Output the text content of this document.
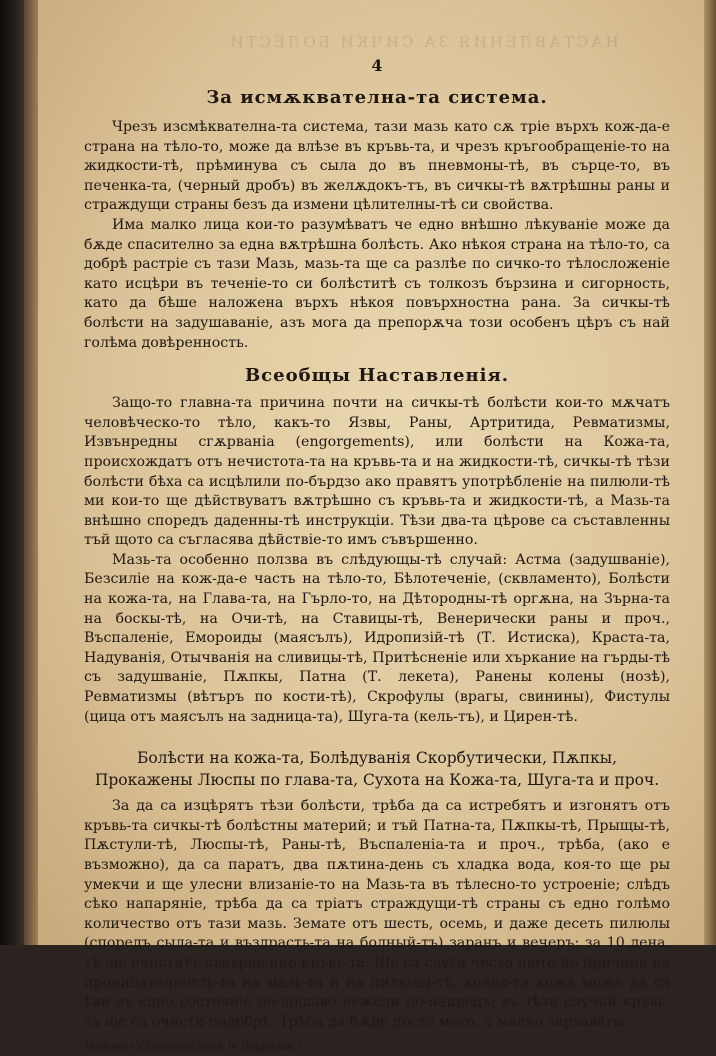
НАСТАВЛЕНИЯ ЗА СИЧКИ БОЛЕСТИ
4
За исмѫкватeлна-та система.

Чрезъ изсмѣквателна-та система, тази мазь като сѫ тріе върхъ кож-да-е страна на тѣло-то, може да влѣзе въ кръвь-та, и чрезъ кръгообращеніе-то на жидкости-тѣ, прѣминува съ сыла до въ пневмоны-тѣ, въ сърце-то, въ печенка-та, (черный дробъ) въ желѫдокъ-тъ, въ сичкы-тѣ вѫтрѣшны раны и страждущи страны безъ да измени цѣлителны-тѣ си свойства.

Има малко лица кои-то разумѣватъ че едно внѣшно лѣкуваніе може да бѫде спасително за една вѫтрѣшна болѣсть. Ако нѣкоя страна на тѣло-то, са добрѣ растріе съ тази Мазь, мазь-та ще са разлѣе по сичко-то тѣлосложеніе като исцѣри въ теченіе-то си болѣститѣ съ толкозъ бързина и сигорность, като да бѣше наложена върхъ нѣкоя повърхностна рана. За сичкы-тѣ болѣсти на задушаваніе, азъ мога да препорѫча този особенъ цѣръ съ най голѣма довѣренность.

Всеобщы Наставленія.

Защо-то главна-та причина почти на сичкы-тѣ болѣсти кои-то мѫчатъ человѣческо-то тѣло, какъ-то Язвы, Раны, Артритида, Ревматизмы, Извънредны сгѫрваніа (engorgements), или болѣсти на Кожа-та, происхождатъ отъ нечистота-та на кръвь-та и на жидкости-тѣ, сичкы-тѣ тѣзи болѣсти бѣха са исцѣлили по-бърдзо ако правятъ употрѣбленіе на пилюли-тѣ ми кои-то ще дѣйствуватъ вѫтрѣшно съ кръвь-та и жидкости-тѣ, а Мазь-та внѣшно споредъ даденны-тѣ инструкціи. Тѣзи два-та цѣрове са съставленны тъй щото са съгласява дѣйствіе-то имъ съвършенно.

Мазь-та особенно ползва въ слѣдующы-тѣ случай: Астма (задушваніе), Безсиліе на кож-да-е часть на тѣло-то, Бѣлотеченіе, (сквламенто), Болѣсти на кожа-та, на Глава-та, на Гърло-то, на Дѣторoдны-тѣ оргѫна, на Зърна-та на боскы-тѣ, на Очи-тѣ, на Ставицы-тѣ, Венерически раны и проч., Въспаленіе, Емороиды (маясълъ), Идропизій-тѣ (Т. Истиска), Краста-та, Надуванія, Отычванія на сливицы-тѣ, Притѣсненіе или хъркание на гърды-тѣ съ задушваніе, Пѫпкы, Патна (Т. лекета), Ранены колены (нозѣ), Ревматизмы (вѣтъръ по кости-тѣ), Скрофулы (врагы, свинины), Фистулы (цица отъ маясълъ на задница-та), Шуга-та (кель-тъ), и Цирен-тѣ.

Болѣсти на кожа-та, Болѣдуванія Скорбутически, Пѫпкы, Прокажены Люспы по глава-та, Сухота на Кожа-та, Шуга-та и проч.

За да са изцѣрятъ тѣзи болѣсти, трѣба да са истребятъ и изгонятъ отъ кръвь-та сичкы-тѣ болѣстны материй; и тъй Патна-та, Пѫпкы-тѣ, Прыщы-тѣ, Пѫстули-тѣ, Люспы-тѣ, Раны-тѣ, Въспаленіа-та и проч., трѣба, (ако е възможно), да са паратъ, два пѫтина-день съ хладка вода, коя-то ще ры умекчи и ще улесни влизаніе-то на Мазь-та въ тѣлесно-то устроеніе; слѣдъ сѣко напаряніе, трѣба да са тріатъ страждущи-тѣ страны съ едно голѣмо количество отъ тази мазь. Земате отъ шесть, осемь, и даже десеть пилюлы (споредъ сыла-та и въздрасть-та на болный-тъ) заранъ и вечеръ; за 10 дена, тѣ ще очистятъ съвършенно кръвь-та. Ще са слуги често щото по причина на проницателность-та на мазь-та и на пилюлы-тѣ, колна-та кожа може да са ѣви въ едно состояніе по-лошаво нежели по-напредъ; въ тѣзи случай кръвь-та ще са очисти подобрѣ. Трѣба да бѫде доста месо, а малко зарзаваты.

Holloway's Ointment Book in Bulgarian.]
